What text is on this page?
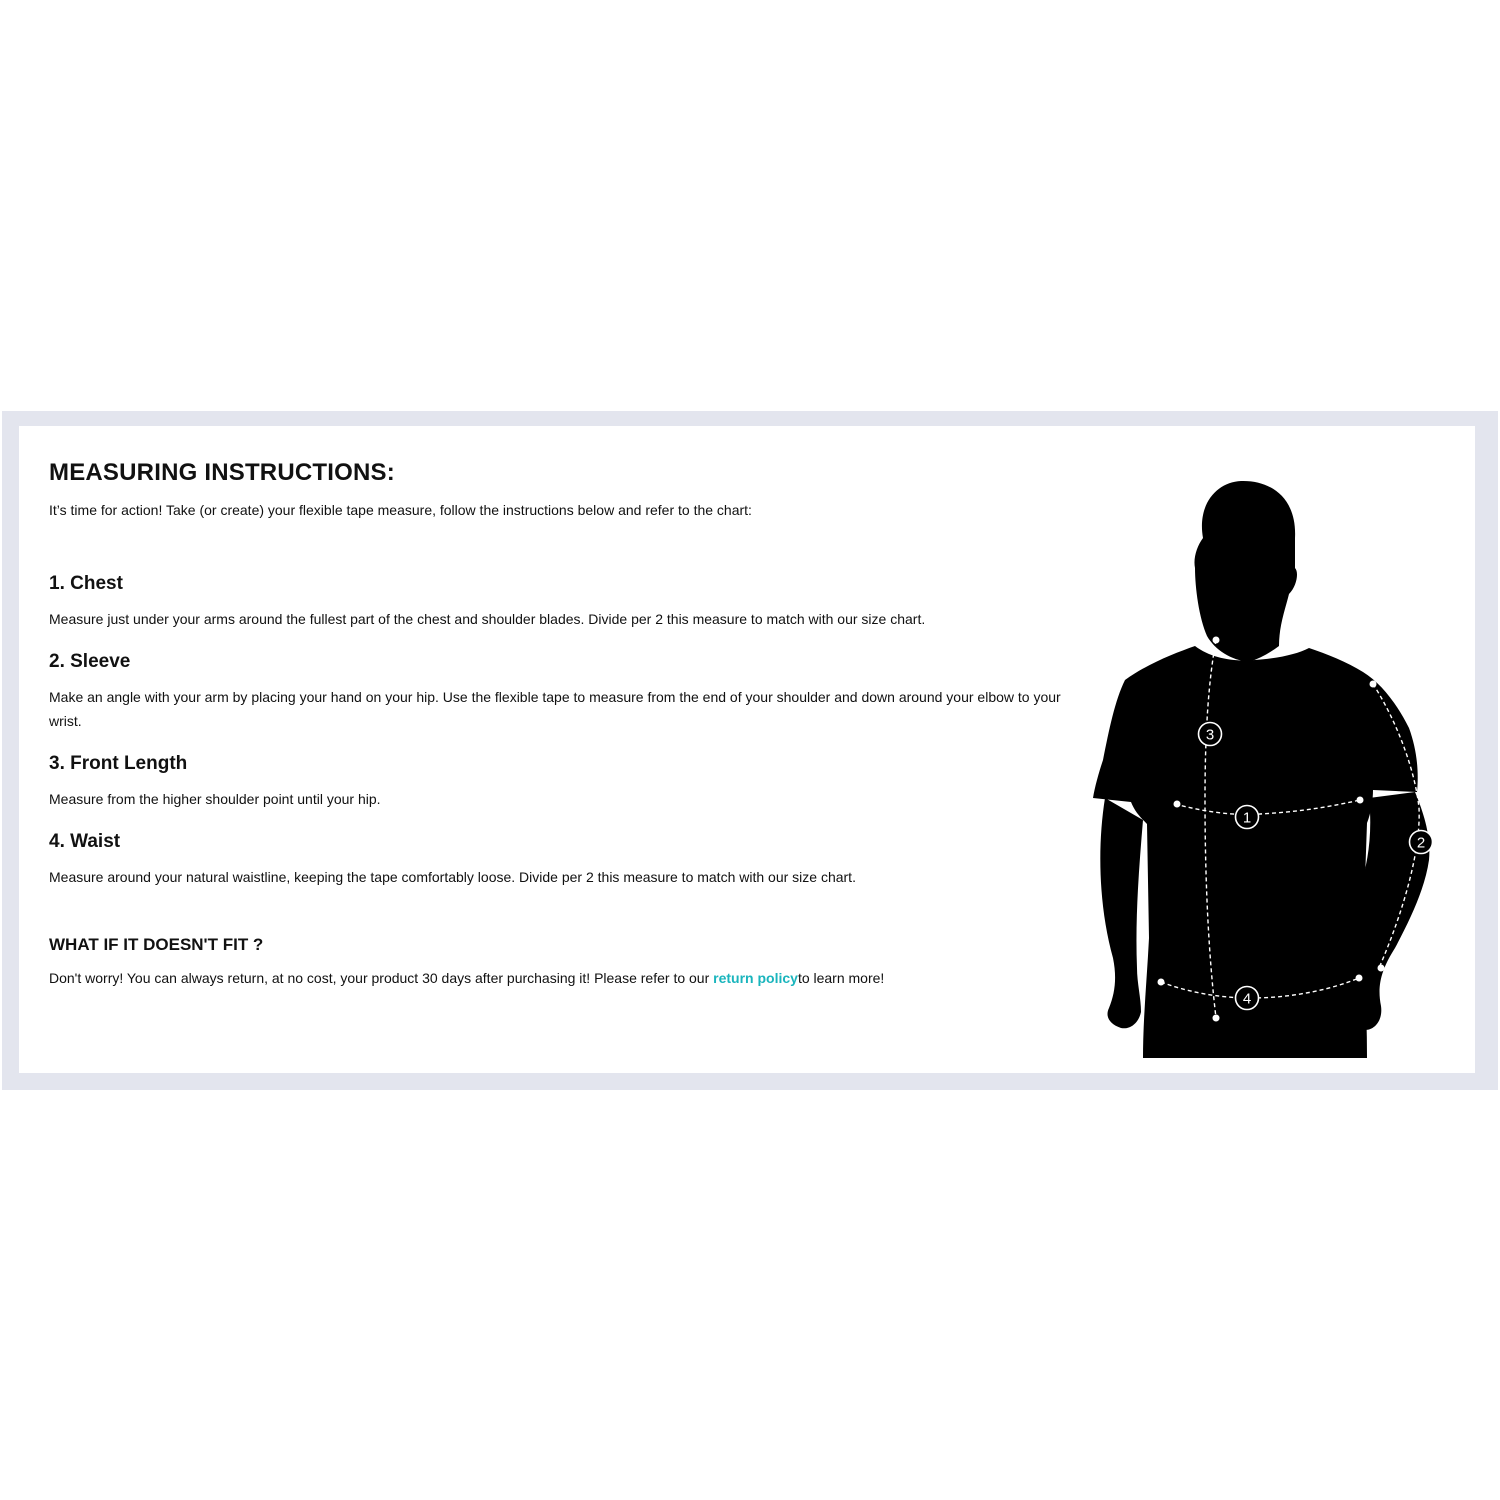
MEASURING INSTRUCTIONS:

It’s time for action! Take (or create) your flexible tape measure, follow the instructions below and refer to the chart:

1. Chest

Measure just under your arms around the fullest part of the chest and shoulder blades. Divide per 2 this measure to match with our size chart.

2. Sleeve

Make an angle with your arm by placing your hand on your hip. Use the flexible tape to measure from the end of your shoulder and down around your elbow to your wrist.

3. Front Length

Measure from the higher shoulder point until your hip.

4. Waist

Measure around your natural waistline, keeping the tape comfortably loose. Divide per 2 this measure to match with our size chart.

WHAT IF IT DOESN'T FIT ?

Don't worry! You can always return, at no cost, your product 30 days after purchasing it! Please refer to our return policyto learn more!

3
1
2
4
